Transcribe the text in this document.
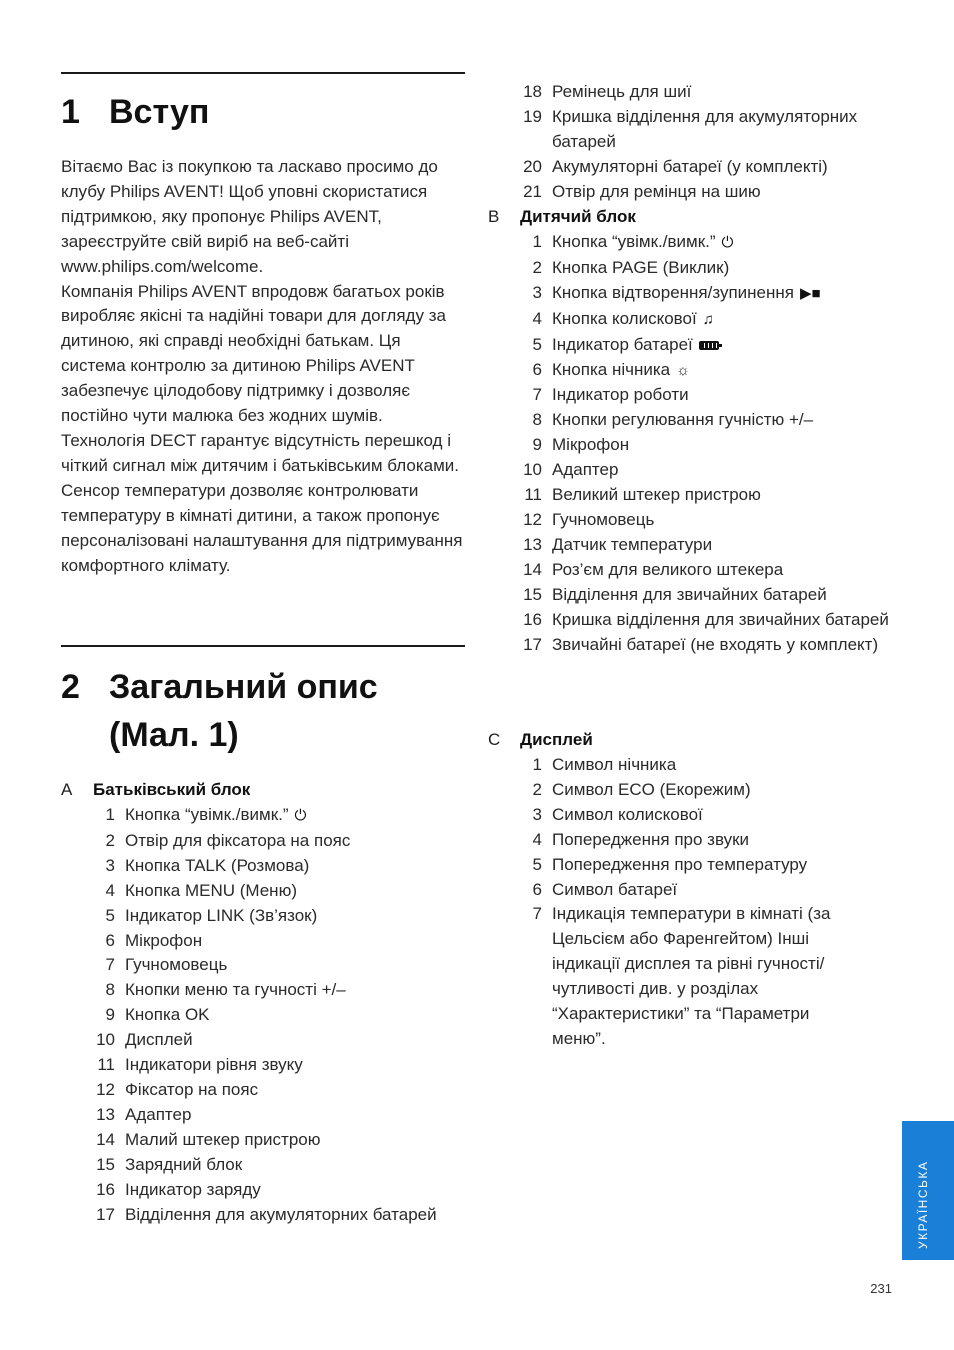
1 Вступ

Вітаємо Вас із покупкою та ласкаво просимо до клубу Philips AVENT! Щоб уповні скористатися підтримкою, яку пропонує Philips AVENT, зареєструйте свій виріб на веб-сайті www.philips.com/welcome.

Компанія Philips AVENT впродовж багатьох років виробляє якісні та надійні товари для догляду за дитиною, які справді необхідні батькам. Ця система контролю за дитиною Philips AVENT забезпечує цілодобову підтримку і дозволяє постійно чути малюка без жодних шумів. Технологія DECT гарантує відсутність перешкод і чіткий сигнал між дитячим і батьківським блоками.

Сенсор температури дозволяє контролювати температуру в кімнаті дитини, а також пропонує персоналізовані налаштування для підтримування комфортного клімату.

2 Загальний опис (Мал. 1)
A Батьківський блок
1 Кнопка “увімк./вимк.” ⏻
2 Отвір для фіксатора на пояс
3 Кнопка TALK (Розмова)
4 Кнопка MENU (Меню)
5 Індикатор LINK (Зв’язок)
6 Мікрофон
7 Гучномовець
8 Кнопки меню та гучності +/–
9 Кнопка OK
10 Дисплей
11 Індикатори рівня звуку
12 Фіксатор на пояс
13 Адаптер
14 Малий штекер пристрою
15 Зарядний блок
16 Індикатор заряду
17 Відділення для акумуляторних батарей
18 Ремінець для шиї
19 Кришка відділення для акумуляторних батарей
20 Акумуляторні батареї (у комплекті)
21 Отвір для ремінця на шию
B Дитячий блок
1 Кнопка “увімк./вимк.” ⏻
2 Кнопка PAGE (Виклик)
3 Кнопка відтворення/зупинення ▶■
4 Кнопка колискової ♫
5 Індикатор батареї
6 Кнопка нічника ☼
7 Індикатор роботи
8 Кнопки регулювання гучністю +/–
9 Мікрофон
10 Адаптер
11 Великий штекер пристрою
12 Гучномовець
13 Датчик температури
14 Роз’єм для великого штекера
15 Відділення для звичайних батарей
16 Кришка відділення для звичайних батарей
17 Звичайні батареї (не входять у комплект)
C Дисплей
1 Символ нічника
2 Символ ECO (Екорежим)
3 Символ колискової
4 Попередження про звуки
5 Попередження про температуру
6 Символ батареї
7 Індикація температури в кімнаті (за Цельсієм або Фаренгейтом) Інші індикації дисплея та рівні гучності/чутливості див. у розділах “Характеристики” та “Параметри меню”.
УКРАЇНСЬКА
231
